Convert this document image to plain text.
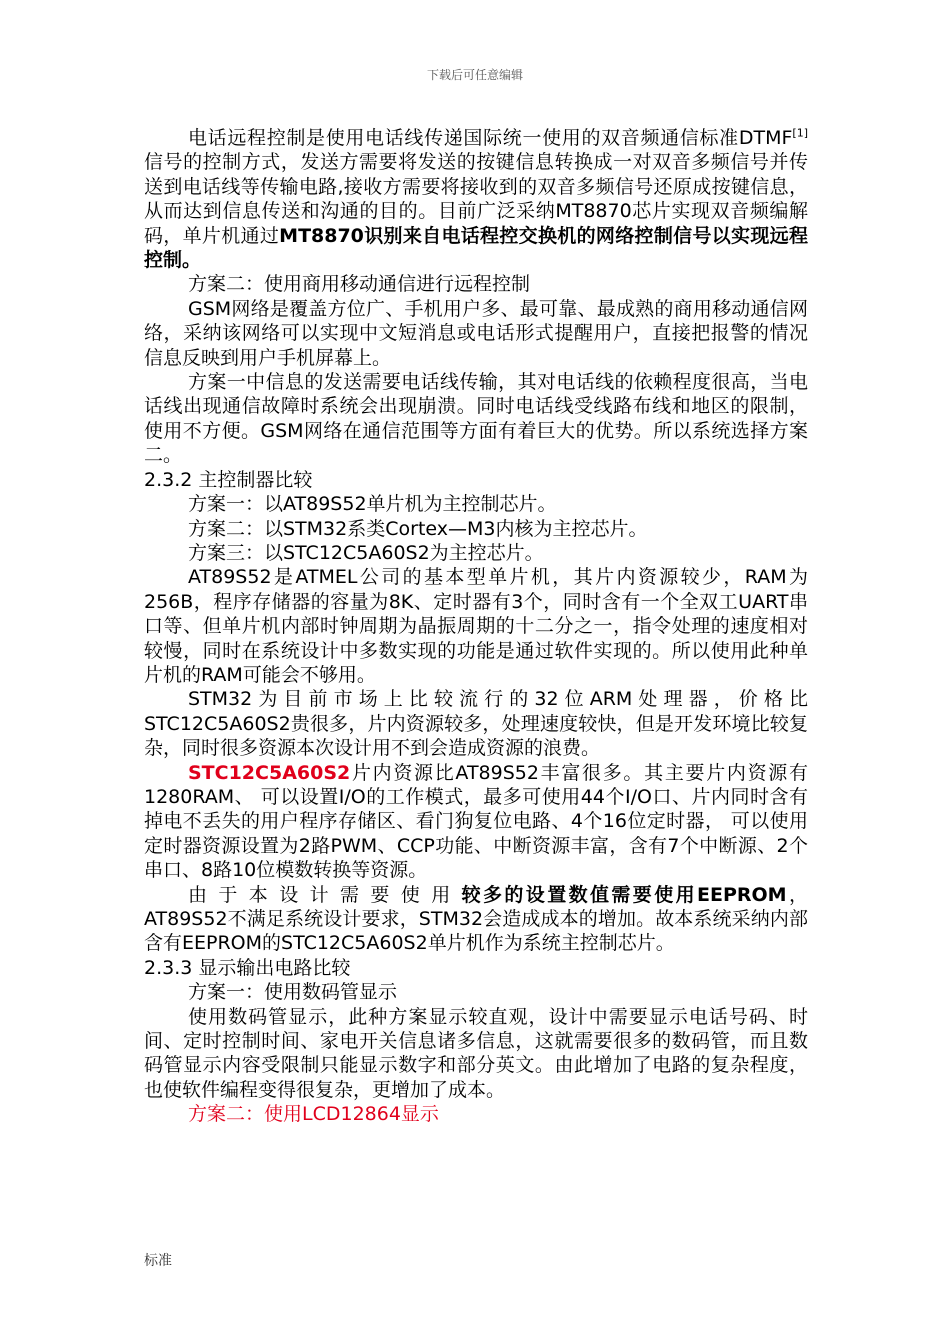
下载后可任意编辑

电话远程控制是使用电话线传递国际统一使用的双音频通信标准DTMF[1]信号的控制方式，发送方需要将发送的按键信息转换成一对双音多频信号并传送到电话线等传输电路,接收方需要将接收到的双音多频信号还原成按键信息，从而达到信息传送和沟通的目的。目前广泛采纳MT8870芯片实现双音频编解码，单片机通过MT8870识别来自电话程控交换机的网络控制信号以实现远程控制。

方案二：使用商用移动通信进行远程控制

GSM网络是覆盖方位广、手机用户多、最可靠、最成熟的商用移动通信网络，采纳该网络可以实现中文短消息或电话形式提醒用户，直接把报警的情况信息反映到用户手机屏幕上。

方案一中信息的发送需要电话线传输，其对电话线的依赖程度很高，当电话线出现通信故障时系统会出现崩溃。同时电话线受线路布线和地区的限制，使用不方便。GSM网络在通信范围等方面有着巨大的优势。所以系统选择方案二。

2.3.2 主控制器比较

方案一：以AT89S52单片机为主控制芯片。

方案二：以STM32系类Cortex—M3内核为主控芯片。

方案三：以STC12C5A60S2为主控芯片。

AT89S52是ATMEL公司的基本型单片机，其片内资源较少，RAM为256B，程序存储器的容量为8K、定时器有3个，同时含有一个全双工UART串口等、但单片机内部时钟周期为晶振周期的十二分之一，指令处理的速度相对较慢，同时在系统设计中多数实现的功能是通过软件实现的。所以使用此种单片机的RAM可能会不够用。

STM32为目前市场上比较流行的32位ARM处理器，价格比STC12C5A60S2贵很多，片内资源较多，处理速度较快，但是开发环境比较复杂，同时很多资源本次设计用不到会造成资源的浪费。

STC12C5A60S2片内资源比AT89S52丰富很多。其主要片内资源有1280RAM、 可以设置I/O的工作模式，最多可使用44个I/O口、片内同时含有掉电不丢失的用户程序存储区、看门狗复位电路、4个16位定时器， 可以使用定时器资源设置为2路PWM、CCP功能、中断资源丰富，含有7个中断源、2个串口、8路10位模数转换等资源。

由于本设计需要使用较多的设置数值需要使用EEPROM，AT89S52不满足系统设计要求，STM32会造成成本的增加。故本系统采纳内部含有EEPROM的STC12C5A60S2单片机作为系统主控制芯片。

2.3.3 显示输出电路比较

方案一：使用数码管显示

使用数码管显示，此种方案显示较直观，设计中需要显示电话号码、时间、定时控制时间、家电开关信息诸多信息，这就需要很多的数码管，而且数码管显示内容受限制只能显示数字和部分英文。由此增加了电路的复杂程度，也使软件编程变得很复杂，更增加了成本。

方案二：使用LCD12864显示

标准
